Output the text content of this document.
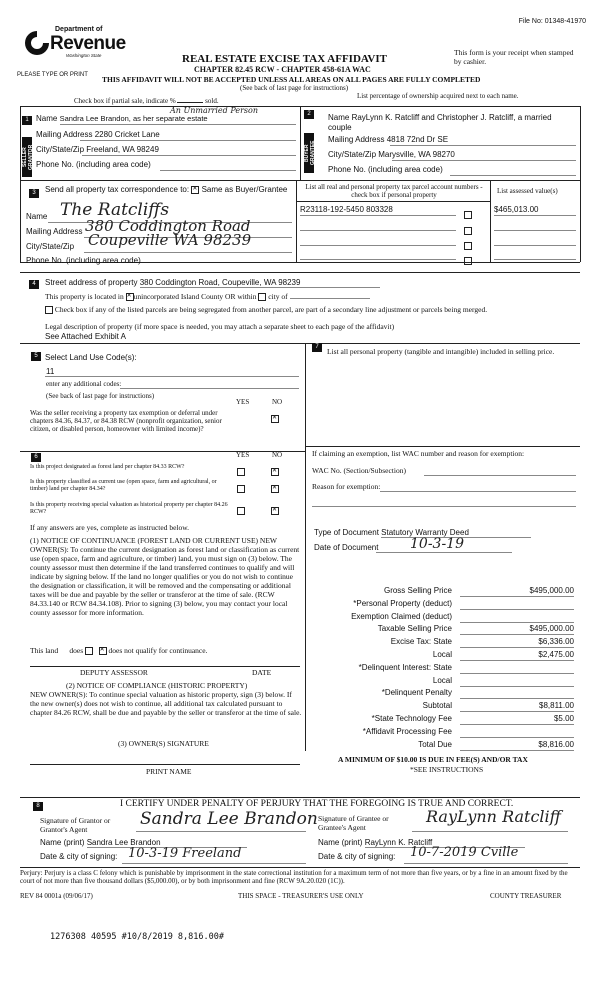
File No: 01348-41970
Department of
Revenue
Washington State
PLEASE TYPE OR PRINT
REAL ESTATE EXCISE TAX AFFIDAVIT
CHAPTER 82.45 RCW - CHAPTER 458-61A WAC
This form is your receipt when stamped by cashier.
THIS AFFIDAVIT WILL NOT BE ACCEPTED UNLESS ALL AREAS ON ALL PAGES ARE FULLY COMPLETED
(See back of last page for instructions)
Check box if partial sale, indicate %	sold.
List percentage of ownership acquired next to each name.
1
SELLER GRANTOR
2
BUYER GRANTEE
Name Sandra Lee Brandon, as her separate estate
An Unmarried Person
Mailing Address 2280 Cricket Lane
City/State/Zip Freeland, WA 98249
Phone No. (including area code)
Name RayLynn K. Ratcliff and Christopher J. Ratcliff, a married couple
Mailing Address 4818 72nd Dr SE
City/State/Zip Marysville, WA 98270
Phone No. (including area code)
3	Send all property tax correspondence to: ✕ Same as Buyer/Grantee
Name The Ratcliffs
Mailing Address 380 Coddington Road
City/State/Zip Coupeville WA 98239
Phone No. (including area code)
List all real and personal property tax parcel account numbers - check box if personal property	List assessed value(s)
R23118-192-5450 803328	$465,013.00
4	Street address of property 380 Coddington Road, Coupeville, WA 98239
This property is located in ✕ unincorporated Island County OR within city of
Check box if any of the listed parcels are being segregated from another parcel, are part of a secondary line adjustment or parcels being merged.
Legal description of property (if more space is needed, you may attach a separate sheet to each page of the affidavit)
See Attached Exhibit A
5 Select Land Use Code(s):
11
enter any additional codes:
(See back of last page for instructions)
YES	NO
Was the seller receiving a property tax exemption or deferral under chapters 84.36, 84.37, or 84.38 RCW (nonprofit organization, senior citizen, or disabled person, homeowner with limited income)?
✕
7	List all personal property (tangible and intangible) included in selling price.
6	YES	NO
Is this project designated as forest land per chapter 84.33 RCW?
✕
Is this property classified as current use (open space, farm and agricultural, or timber) land per chapter 84.34?
✕
Is this property receiving special valuation as historical property per chapter 84.26 RCW?
✕
If any answers are yes, complete as instructed below.
(1) NOTICE OF CONTINUANCE (FOREST LAND OR CURRENT USE) NEW OWNER(S): To continue the current designation as forest land or classification as current use (open space, farm and agriculture, or timber) land, you must sign on (3) below. The county assessor must then determine if the land transferred continues to qualify and will indicate by signing below. If the land no longer qualifies or you do not wish to continue the designation or classification, it will be removed and the compensating or additional taxes will be due and payable by the seller or transferor at the time of sale. (RCW 84.33.140 or RCW 84.34.108). Prior to signing (3) below, you may contact your local county assessor for more information.
This land does ✕	does not qualify for continuance.
DEPUTY ASSESSOR	DATE
(2) NOTICE OF COMPLIANCE (HISTORIC PROPERTY)
NEW OWNER(S): To continue special valuation as historic property, sign (3) below. If the new owner(s) does not wish to continue, all additional tax calculated pursuant to chapter 84.26 RCW, shall be due and payable by the seller or transferor at the time of sale.
(3) OWNER(S) SIGNATURE
PRINT NAME
If claiming an exemption, list WAC number and reason for exemption:
WAC No. (Section/Subsection)
Reason for exemption:
Type of Document Statutory Warranty Deed
Date of Document 10-3-19
Gross Selling Price	$495,000.00
*Personal Property (deduct)
Exemption Claimed (deduct)
Taxable Selling Price	$495,000.00
Excise Tax: State	$6,336.00
Local	$2,475.00
*Delinquent Interest: State
Local
*Delinquent Penalty
Subtotal	$8,811.00
*State Technology Fee	$5.00
*Affidavit Processing Fee
Total Due	$8,816.00
A MINIMUM OF $10.00 IS DUE IN FEE(S) AND/OR TAX
*SEE INSTRUCTIONS
8	I CERTIFY UNDER PENALTY OF PERJURY THAT THE FOREGOING IS TRUE AND CORRECT.
Signature of Grantor or Grantor's Agent
Sandra Lee Brandon
Name (print) Sandra Lee Brandon
Date & city of signing: 10-3-19 Freeland
Signature of Grantee or Grantee's Agent
RayLynn Ratcliff
Name (print) RayLynn K. Ratcliff
Date & city of signing: 10-7-2019 Cville
Perjury: Perjury is a class C felony which is punishable by imprisonment in the state correctional institution for a maximum term of not more than five years, or by a fine in an amount fixed by the court of not more than five thousand dollars ($5,000.00), or by both imprisonment and fine (RCW 9A.20.020 (1C)).
REV 84 0001a (09/06/17)	THIS SPACE - TREASURER'S USE ONLY	COUNTY TREASURER
1276308 40595 #10/8/2019 8,816.00#
